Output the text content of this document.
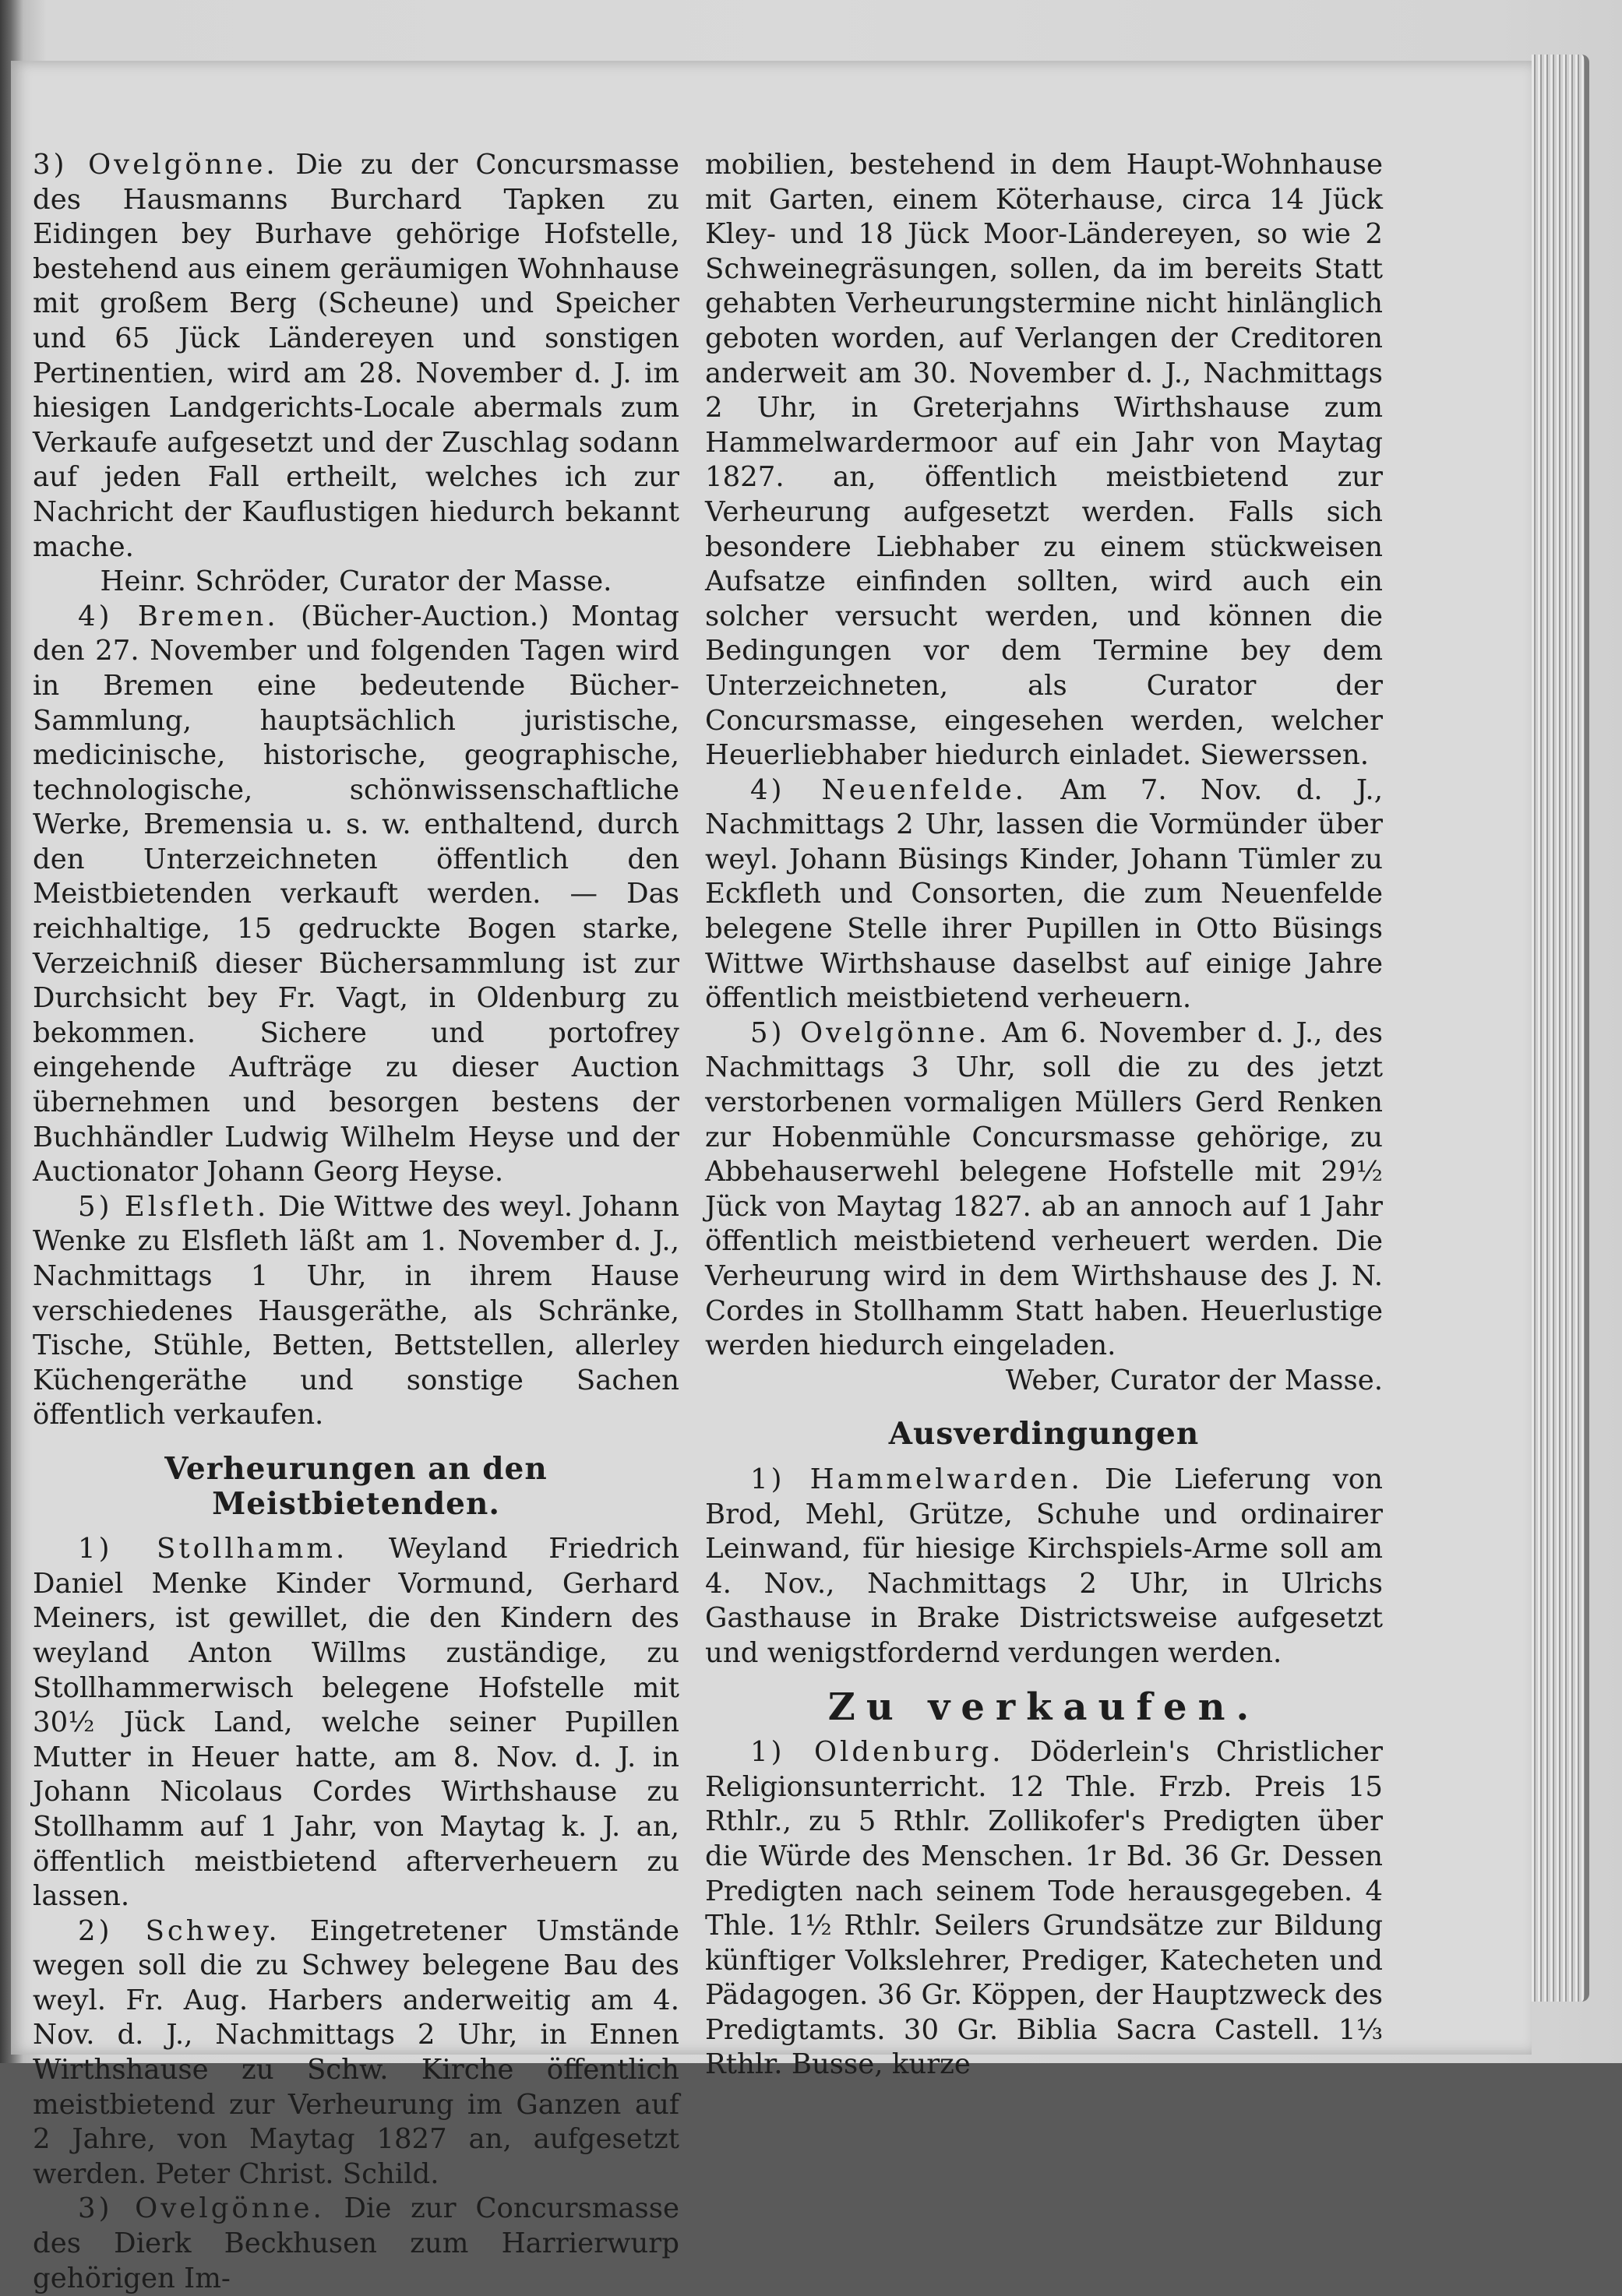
3) Ovelgönne. Die zu der Concursmasse des Hausmanns Burchard Tapken zu Eidingen bey Burhave gehörige Hofstelle, bestehend aus einem geräumigen Wohnhause mit großem Berg (Scheune) und Speicher und 65 Jück Ländereyen und sonstigen Pertinentien, wird am 28. November d. J. im hiesigen Landgerichts-Locale abermals zum Verkaufe aufgesetzt und der Zuschlag sodann auf jeden Fall ertheilt, welches ich zur Nachricht der Kauflustigen hiedurch bekannt mache.

Heinr. Schröder, Curator der Masse.

4) Bremen. (Bücher-Auction.) Montag den 27. November und folgenden Tagen wird in Bremen eine bedeutende Bücher-Sammlung, hauptsächlich juristische, medicinische, historische, geographische, technologische, schönwissenschaftliche Werke, Bremensia u. s. w. enthaltend, durch den Unterzeichneten öffentlich den Meistbietenden verkauft werden. — Das reichhaltige, 15 gedruckte Bogen starke, Verzeichniß dieser Büchersammlung ist zur Durchsicht bey Fr. Vagt, in Oldenburg zu bekommen. Sichere und portofrey eingehende Aufträge zu dieser Auction übernehmen und besorgen bestens der Buchhändler Ludwig Wilhelm Heyse und der Auctionator Johann Georg Heyse.

5) Elsfleth. Die Wittwe des weyl. Johann Wenke zu Elsfleth läßt am 1. November d. J., Nachmittags 1 Uhr, in ihrem Hause verschiedenes Hausgeräthe, als Schränke, Tische, Stühle, Betten, Bettstellen, allerley Küchengeräthe und sonstige Sachen öffentlich verkaufen.

Verheurungen an den Meistbietenden.

1) Stollhamm. Weyland Friedrich Daniel Menke Kinder Vormund, Gerhard Meiners, ist gewillet, die den Kindern des weyland Anton Willms zuständige, zu Stollhammerwisch belegene Hofstelle mit 30½ Jück Land, welche seiner Pupillen Mutter in Heuer hatte, am 8. Nov. d. J. in Johann Nicolaus Cordes Wirthshause zu Stollhamm auf 1 Jahr, von Maytag k. J. an, öffentlich meistbietend afterverheuern zu lassen.

2) Schwey. Eingetretener Umstände wegen soll die zu Schwey belegene Bau des weyl. Fr. Aug. Harbers anderweitig am 4. Nov. d. J., Nachmittags 2 Uhr, in Ennen Wirthshause zu Schw. Kirche öffentlich meistbietend zur Verheurung im Ganzen auf 2 Jahre, von Maytag 1827 an, aufgesetzt werden. Peter Christ. Schild.

3) Ovelgönne. Die zur Concursmasse des Dierk Beckhusen zum Harrierwurp gehörigen Im-

mobilien, bestehend in dem Haupt-Wohnhause mit Garten, einem Köterhause, circa 14 Jück Kley- und 18 Jück Moor-Ländereyen, so wie 2 Schweinegräsungen, sollen, da im bereits Statt gehabten Verheurungstermine nicht hinlänglich geboten worden, auf Verlangen der Creditoren anderweit am 30. November d. J., Nachmittags 2 Uhr, in Greterjahns Wirthshause zum Hammelwardermoor auf ein Jahr von Maytag 1827. an, öffentlich meistbietend zur Verheurung aufgesetzt werden. Falls sich besondere Liebhaber zu einem stückweisen Aufsatze einfinden sollten, wird auch ein solcher versucht werden, und können die Bedingungen vor dem Termine bey dem Unterzeichneten, als Curator der Concursmasse, eingesehen werden, welcher Heuerliebhaber hiedurch einladet. Siewerssen.

4) Neuenfelde. Am 7. Nov. d. J., Nachmittags 2 Uhr, lassen die Vormünder über weyl. Johann Büsings Kinder, Johann Tümler zu Eckfleth und Consorten, die zum Neuenfelde belegene Stelle ihrer Pupillen in Otto Büsings Wittwe Wirthshause daselbst auf einige Jahre öffentlich meistbietend verheuern.

5) Ovelgönne. Am 6. November d. J., des Nachmittags 3 Uhr, soll die zu des jetzt verstorbenen vormaligen Müllers Gerd Renken zur Hobenmühle Concursmasse gehörige, zu Abbehauserwehl belegene Hofstelle mit 29½ Jück von Maytag 1827. ab an annoch auf 1 Jahr öffentlich meistbietend verheuert werden. Die Verheurung wird in dem Wirthshause des J. N. Cordes in Stollhamm Statt haben. Heuerlustige werden hiedurch eingeladen.

Weber, Curator der Masse.

Ausverdingungen

1) Hammelwarden. Die Lieferung von Brod, Mehl, Grütze, Schuhe und ordinairer Leinwand, für hiesige Kirchspiels-Arme soll am 4. Nov., Nachmittags 2 Uhr, in Ulrichs Gasthause in Brake Districtsweise aufgesetzt und wenigstfordernd verdungen werden.

Zu verkaufen.

1) Oldenburg. Döderlein's Christlicher Religionsunterricht. 12 Thle. Frzb. Preis 15 Rthlr., zu 5 Rthlr. Zollikofer's Predigten über die Würde des Menschen. 1r Bd. 36 Gr. Dessen Predigten nach seinem Tode herausgegeben. 4 Thle. 1½ Rthlr. Seilers Grundsätze zur Bildung künftiger Volkslehrer, Prediger, Katecheten und Pädagogen. 36 Gr. Köppen, der Hauptzweck des Predigtamts. 30 Gr. Biblia Sacra Castell. 1⅓ Rthlr. Busse, kurze
